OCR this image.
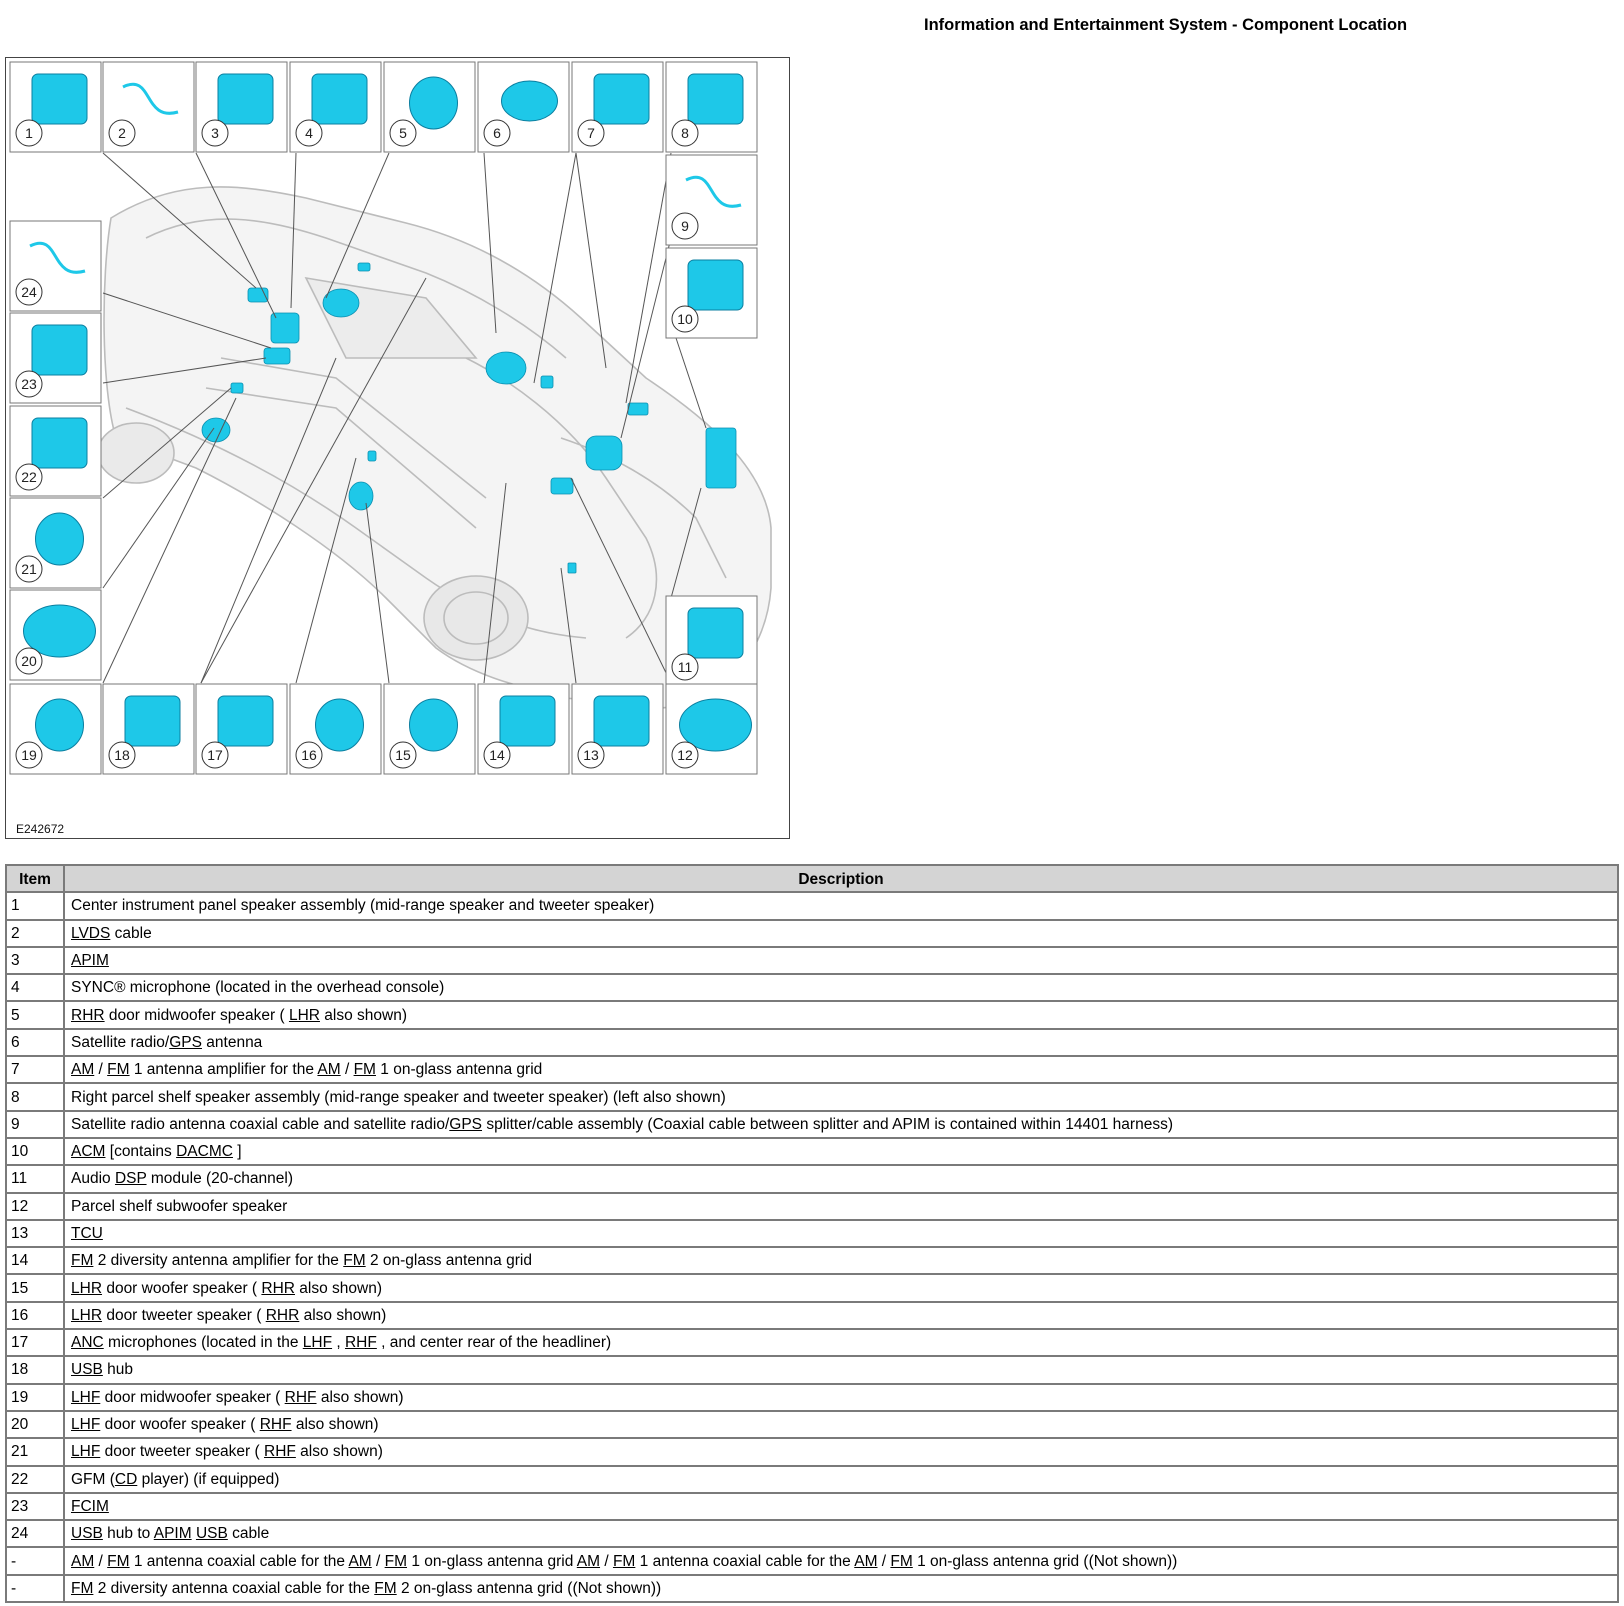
Information and Entertainment System - Component Location
1	2	3	4	5	6	7	8
9
10
11
12
13
14
15
16
17
18
19
20
21
22
23
24
E242672
Item	Description
1	Center instrument panel speaker assembly (mid-range speaker and tweeter speaker)
2	LVDS cable
3	APIM
4	SYNC® microphone (located in the overhead console)
5	RHR door midwoofer speaker ( LHR also shown)
6	Satellite radio/GPS antenna
7	AM / FM 1 antenna amplifier for the AM / FM 1 on-glass antenna grid
8	Right parcel shelf speaker assembly (mid-range speaker and tweeter speaker) (left also shown)
9	Satellite radio antenna coaxial cable and satellite radio/GPS splitter/cable assembly (Coaxial cable between splitter and APIM is contained within 14401 harness)
10	ACM [contains DACMC ]
11	Audio DSP module (20-channel)
12	Parcel shelf subwoofer speaker
13	TCU
14	FM 2 diversity antenna amplifier for the FM 2 on-glass antenna grid
15	LHR door woofer speaker ( RHR also shown)
16	LHR door tweeter speaker ( RHR also shown)
17	ANC microphones (located in the LHF , RHF , and center rear of the headliner)
18	USB hub
19	LHF door midwoofer speaker ( RHF also shown)
20	LHF door woofer speaker ( RHF also shown)
21	LHF door tweeter speaker ( RHF also shown)
22	GFM (CD player) (if equipped)
23	FCIM
24	USB hub to APIM USB cable
-	AM / FM 1 antenna coaxial cable for the AM / FM 1 on-glass antenna grid AM / FM 1 antenna coaxial cable for the AM / FM 1 on-glass antenna grid ((Not shown))
-	FM 2 diversity antenna coaxial cable for the FM 2 on-glass antenna grid ((Not shown))
